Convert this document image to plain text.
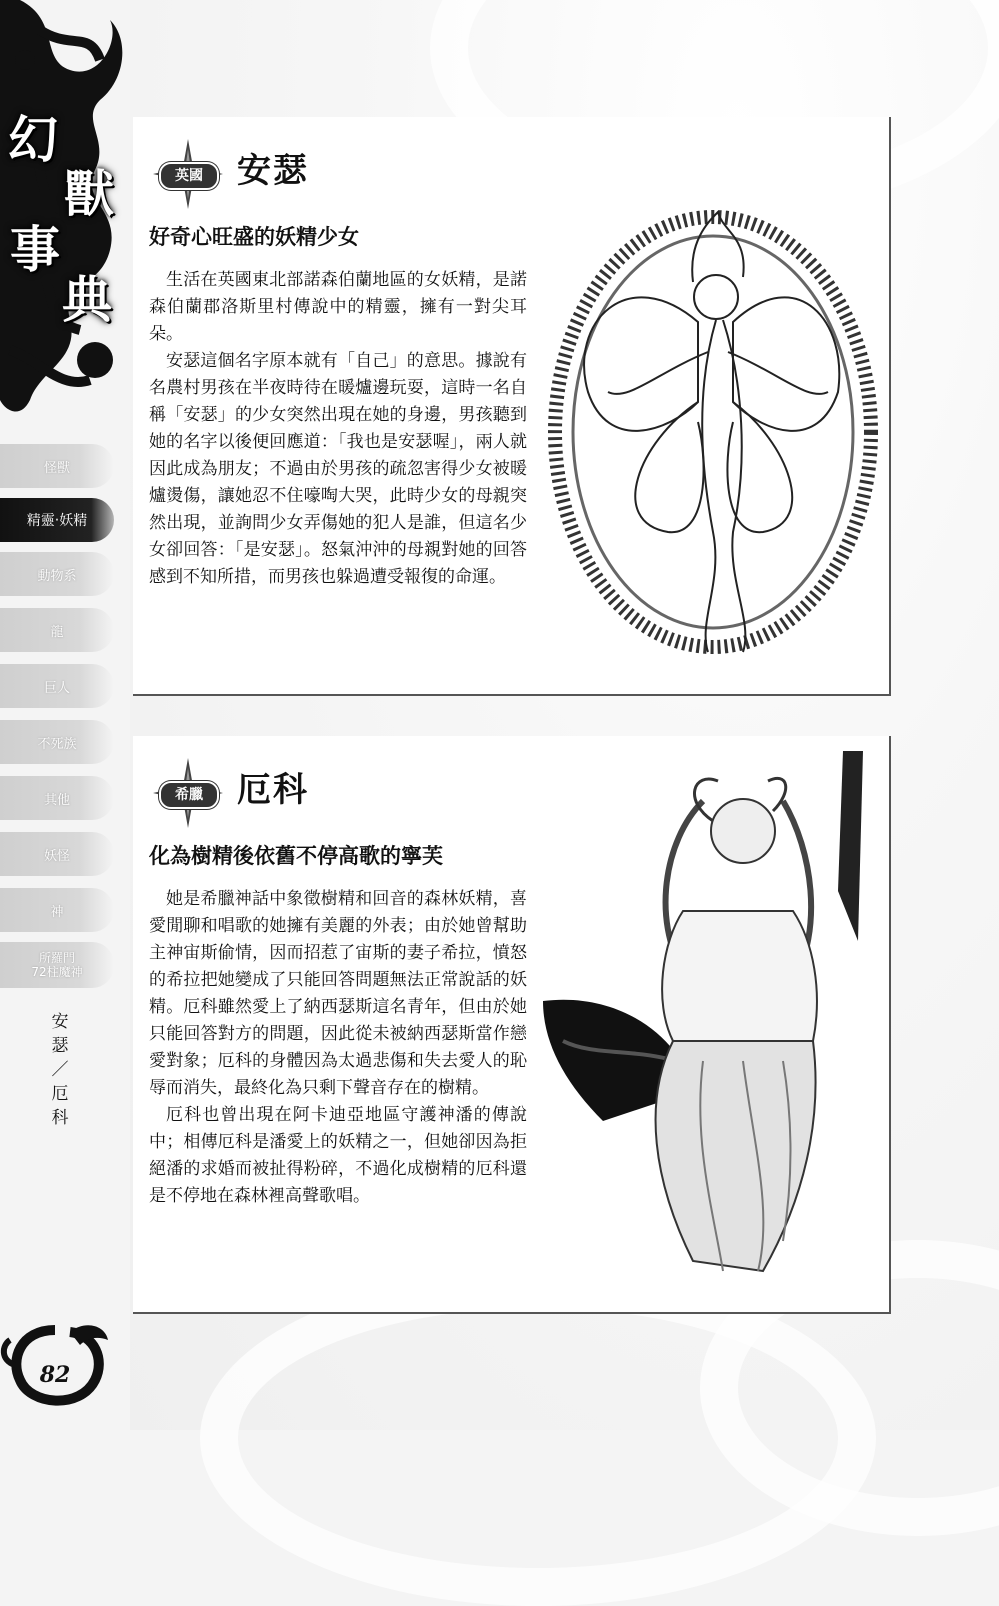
幻
獸
事
典
怪獸
精靈‧妖精
動物系
龍
巨人
不死族
其他
妖怪
神
所羅門
72柱魔神
安
瑟
／
厄
科
英國	安瑟
好奇心旺盛的妖精少女

生活在英國東北部諾森伯蘭地區的女妖精，是諾森伯蘭郡洛斯里村傳說中的精靈，擁有一對尖耳朵。

安瑟這個名字原本就有「自己」的意思。據說有名農村男孩在半夜時待在暖爐邊玩耍，這時一名自稱「安瑟」的少女突然出現在她的身邊，男孩聽到她的名字以後便回應道：「我也是安瑟喔」，兩人就因此成為朋友；不過由於男孩的疏忽害得少女被暖爐燙傷，讓她忍不住嚎啕大哭，此時少女的母親突然出現，並詢問少女弄傷她的犯人是誰，但這名少女卻回答：「是安瑟」。怒氣沖沖的母親對她的回答感到不知所措，而男孩也躲過遭受報復的命運。

希臘	厄科
化為樹精後依舊不停高歌的寧芙

她是希臘神話中象徵樹精和回音的森林妖精，喜愛閒聊和唱歌的她擁有美麗的外表；由於她曾幫助主神宙斯偷情，因而招惹了宙斯的妻子希拉，憤怒的希拉把她變成了只能回答問題無法正常說話的妖精。厄科雖然愛上了納西瑟斯這名青年，但由於她只能回答對方的問題，因此從未被納西瑟斯當作戀愛對象；厄科的身體因為太過悲傷和失去愛人的恥辱而消失，最終化為只剩下聲音存在的樹精。

厄科也曾出現在阿卡迪亞地區守護神潘的傳說中；相傳厄科是潘愛上的妖精之一，但她卻因為拒絕潘的求婚而被扯得粉碎，不過化成樹精的厄科還是不停地在森林裡高聲歌唱。

82
